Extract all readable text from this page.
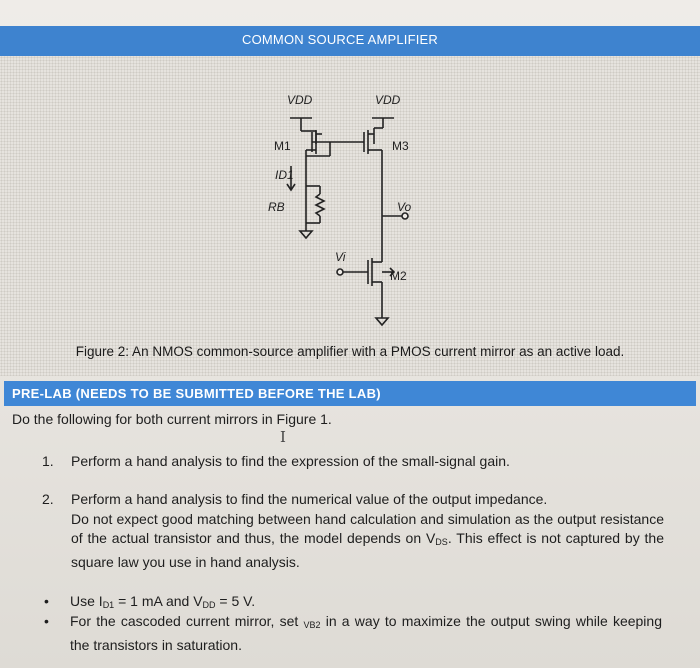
COMMON SOURCE AMPLIFIER
VDD	VDD
ID1
RB	Vo
Vi
M1	M3
M2
Figure 2: An NMOS common-source amplifier with a PMOS current mirror as an active load.
PRE-LAB (NEEDS TO BE SUBMITTED BEFORE THE LAB)
Do the following for both current mirrors in Figure 1.
I
1. Perform a hand analysis to find the expression of the small-signal gain.
2. Perform a hand analysis to find the numerical value of the output impedance.
Do not expect good matching between hand calculation and simulation as the output resistance of the actual transistor and thus, the model depends on $V_{DS}$. This effect is not captured by the square law you use in hand analysis.
• Use $I_{D1} = 1$ mA and $V_{DD} = 5$ V.
• For the cascoded current mirror, set $_{VB2}$ in a way to maximize the output swing while keeping the transistors in saturation.
